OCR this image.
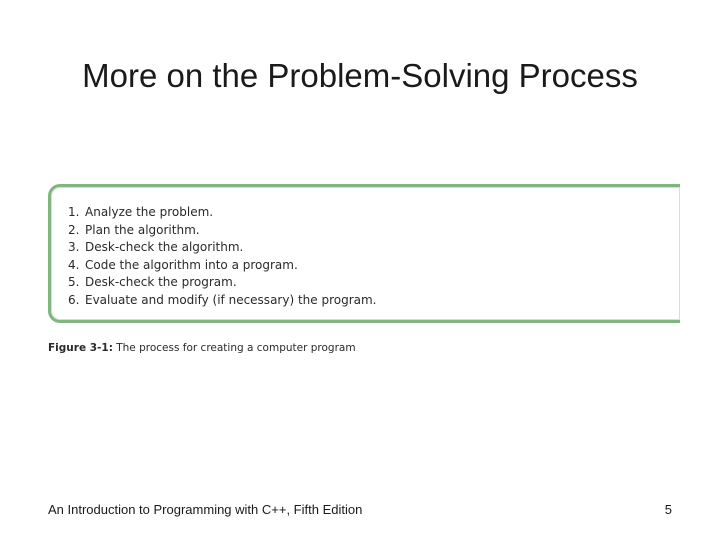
More on the Problem-Solving Process
1. Analyze the problem.
2. Plan the algorithm.
3. Desk-check the algorithm.
4. Code the algorithm into a program.
5. Desk-check the program.
6. Evaluate and modify (if necessary) the program.
Figure 3-1: The process for creating a computer program
An Introduction to Programming with C++, Fifth Edition	5
